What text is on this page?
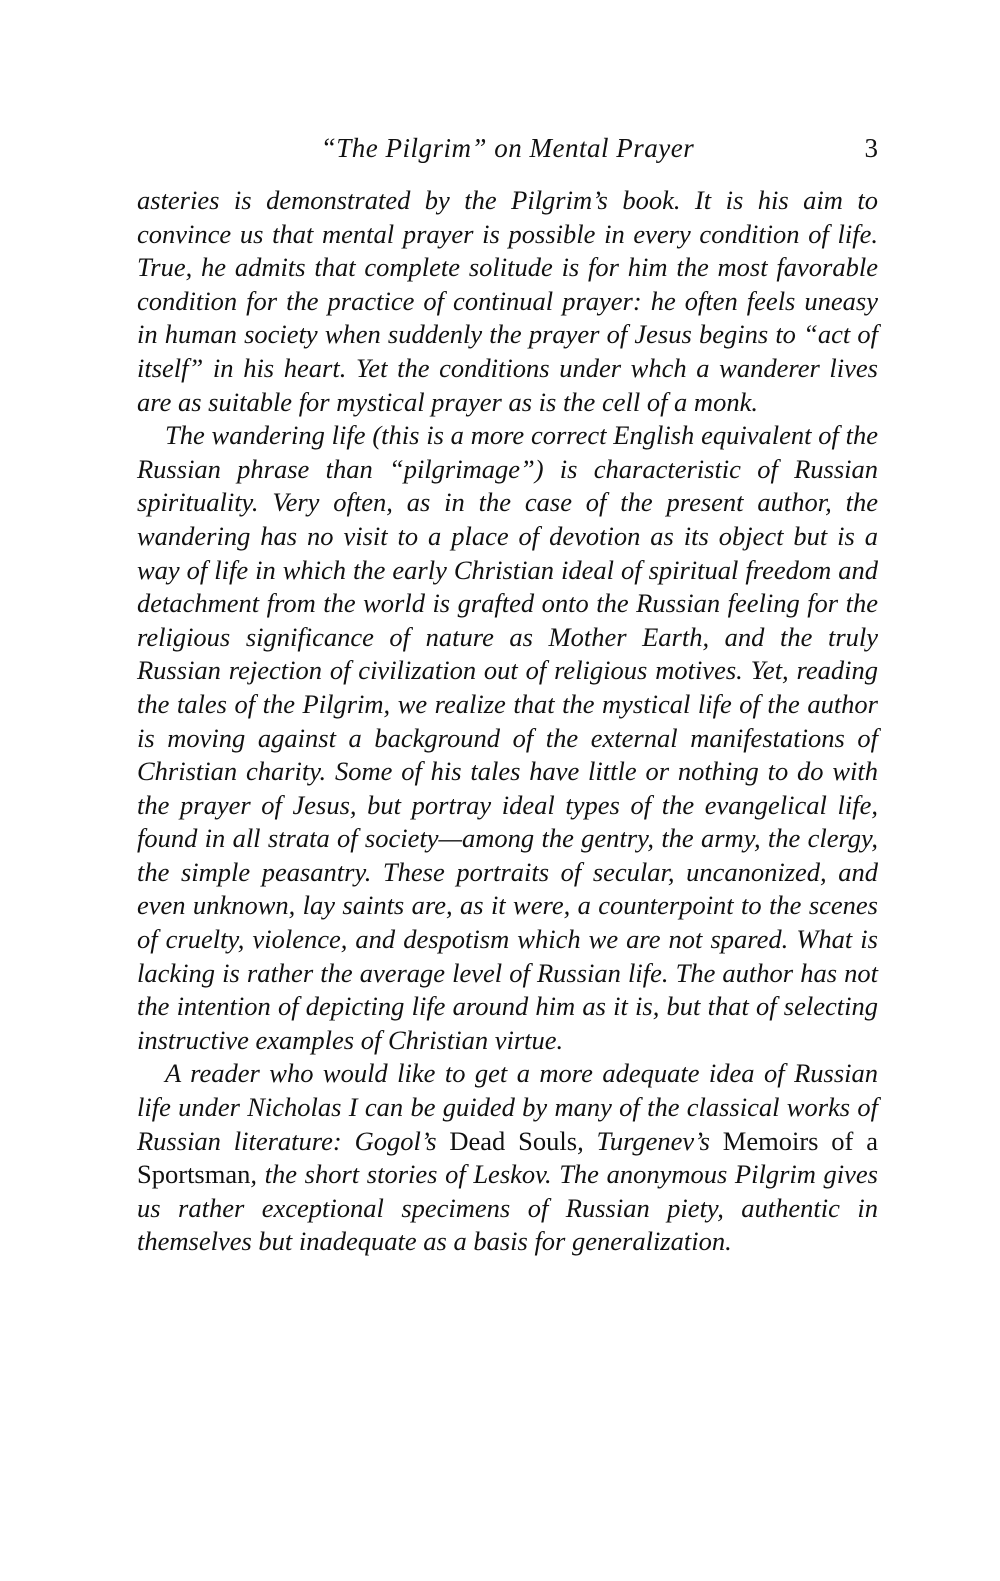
“The Pilgrim” on Mental Prayer	3

asteries is demonstrated by the Pilgrim’s book. It is his aim to convince us that mental prayer is possible in every condition of life. True, he admits that complete solitude is for him the most favorable condition for the practice of continual prayer: he often feels uneasy in human society when suddenly the prayer of Jesus begins to “act of itself” in his heart. Yet the conditions under whch a wanderer lives are as suitable for mystical prayer as is the cell of a monk.

The wandering life (this is a more correct English equivalent of the Russian phrase than “pilgrimage”) is characteristic of Russian spirituality. Very often, as in the case of the present author, the wandering has no visit to a place of devotion as its object but is a way of life in which the early Christian ideal of spiritual freedom and detachment from the world is grafted onto the Russian feeling for the religious significance of nature as Mother Earth, and the truly Russian rejection of civilization out of religious motives. Yet, reading the tales of the Pilgrim, we realize that the mystical life of the author is moving against a background of the external manifestations of Christian charity. Some of his tales have little or nothing to do with the prayer of Jesus, but portray ideal types of the evangelical life, found in all strata of society—among the gentry, the army, the clergy, the simple peasantry. These portraits of secular, uncanonized, and even unknown, lay saints are, as it were, a counterpoint to the scenes of cruelty, violence, and despotism which we are not spared. What is lacking is rather the average level of Russian life. The author has not the intention of depicting life around him as it is, but that of selecting instructive examples of Christian virtue.

A reader who would like to get a more adequate idea of Russian life under Nicholas I can be guided by many of the classical works of Russian literature: Gogol’s Dead Souls, Turgenev’s Memoirs of a Sportsman, the short stories of Leskov. The anonymous Pilgrim gives us rather exceptional specimens of Russian piety, authentic in themselves but inadequate as a basis for generalization.
